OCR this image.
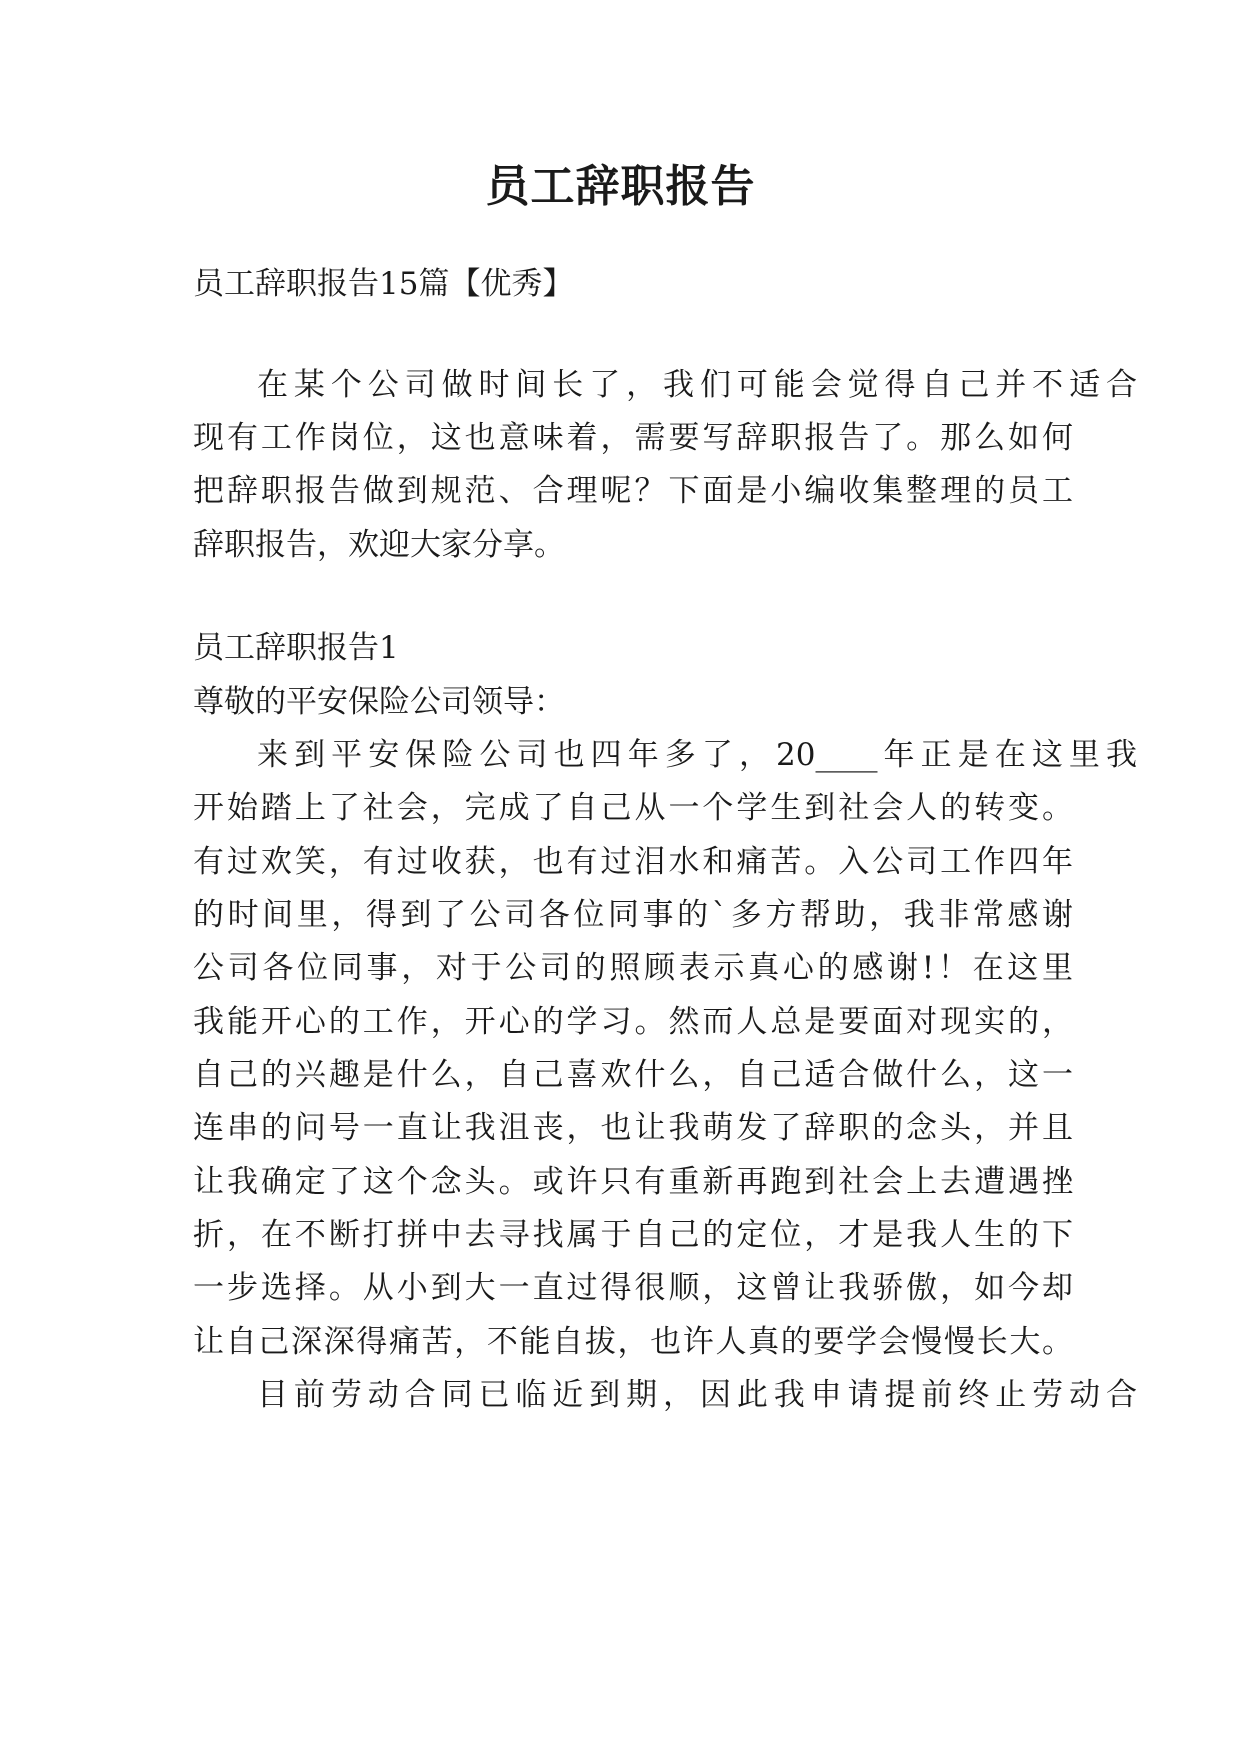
员工辞职报告

员工辞职报告15篇【优秀】

在某个公司做时间长了，我们可能会觉得自己并不适合

现有工作岗位，这也意味着，需要写辞职报告了。那么如何

把辞职报告做到规范、合理呢？下面是小编收集整理的员工

辞职报告，欢迎大家分享。

员工辞职报告1

尊敬的平安保险公司领导：

来到平安保险公司也四年多了，20____年正是在这里我

开始踏上了社会，完成了自己从一个学生到社会人的转变。

有过欢笑，有过收获，也有过泪水和痛苦。入公司工作四年

的时间里，得到了公司各位同事的`多方帮助，我非常感谢

公司各位同事，对于公司的照顾表示真心的感谢!！在这里

我能开心的工作，开心的学习。然而人总是要面对现实的，

自己的兴趣是什么，自己喜欢什么，自己适合做什么，这一

连串的问号一直让我沮丧，也让我萌发了辞职的念头，并且

让我确定了这个念头。或许只有重新再跑到社会上去遭遇挫

折，在不断打拼中去寻找属于自己的定位，才是我人生的下

一步选择。从小到大一直过得很顺，这曾让我骄傲，如今却

让自己深深得痛苦，不能自拔，也许人真的要学会慢慢长大。

目前劳动合同已临近到期，因此我申请提前终止劳动合
